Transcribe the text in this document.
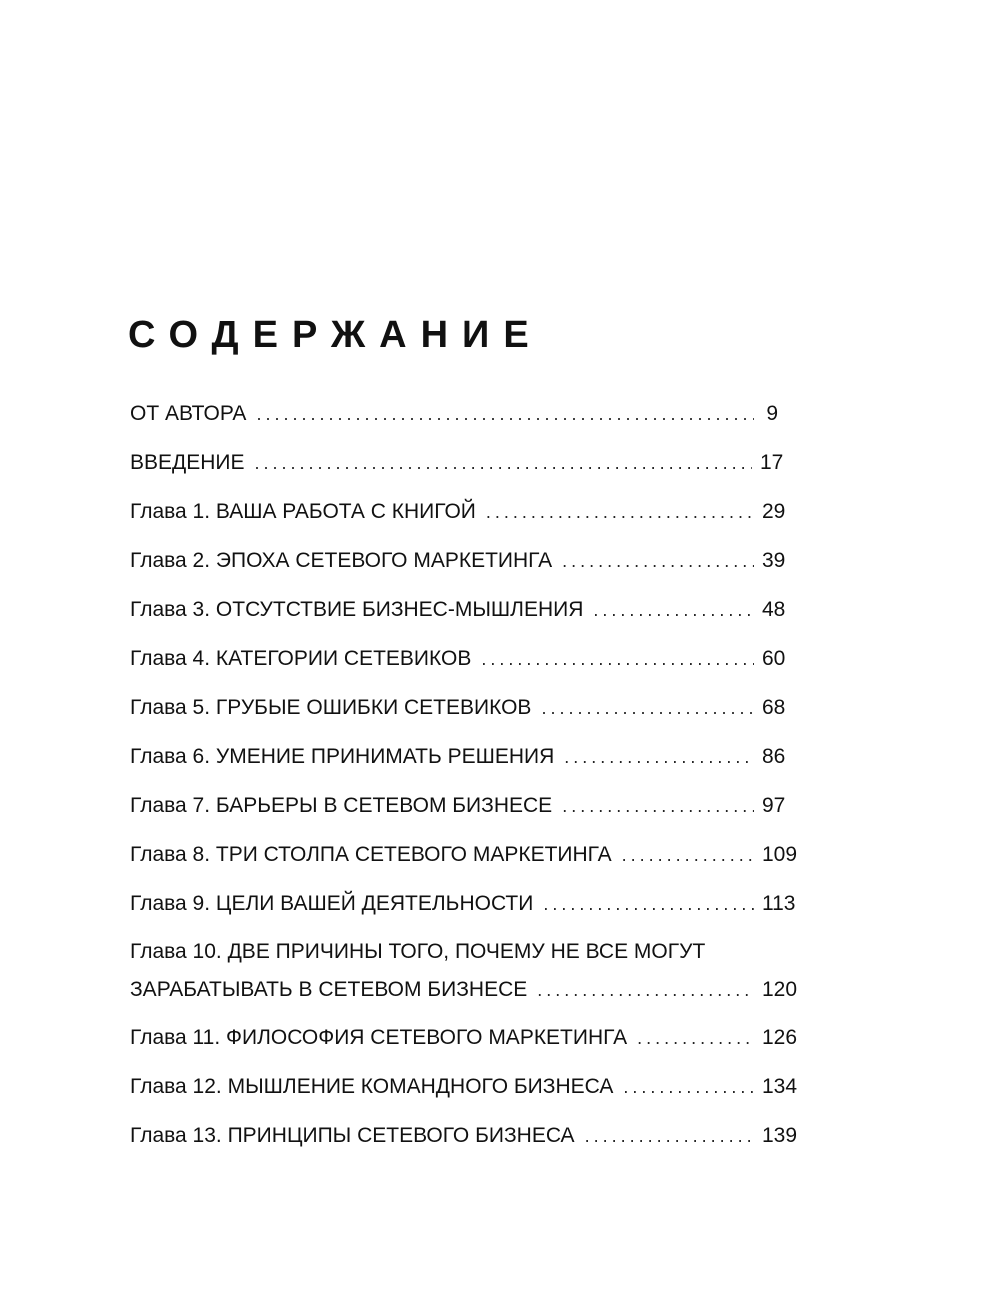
СОДЕРЖАНИЕ
ОТ АВТОРА . . .	9
ВВЕДЕНИЕ . . .	17
Глава 1. ВАША РАБОТА С КНИГОЙ . . .	29
Глава 2. ЭПОХА СЕТЕВОГО МАРКЕТИНГА . . .	39
Глава 3. ОТСУТСТВИЕ БИЗНЕС-МЫШЛЕНИЯ . . .	48
Глава 4. КАТЕГОРИИ СЕТЕВИКОВ . . .	60
Глава 5. ГРУБЫЕ ОШИБКИ СЕТЕВИКОВ . . .	68
Глава 6. УМЕНИЕ ПРИНИМАТЬ РЕШЕНИЯ . . .	86
Глава 7. БАРЬЕРЫ В СЕТЕВОМ БИЗНЕСЕ . . .	97
Глава 8. ТРИ СТОЛПА СЕТЕВОГО МАРКЕТИНГА . . .	109
Глава 9. ЦЕЛИ ВАШЕЙ ДЕЯТЕЛЬНОСТИ . . .	113
Глава 10. ДВЕ ПРИЧИНЫ ТОГО, ПОЧЕМУ НЕ ВСЕ МОГУТ
ЗАРАБАТЫВАТЬ В СЕТЕВОМ БИЗНЕСЕ . . .	120
Глава 11. ФИЛОСОФИЯ СЕТЕВОГО МАРКЕТИНГА . . .	126
Глава 12. МЫШЛЕНИЕ КОМАНДНОГО БИЗНЕСА . . .	134
Глава 13. ПРИНЦИПЫ СЕТЕВОГО БИЗНЕСА . . .	139
